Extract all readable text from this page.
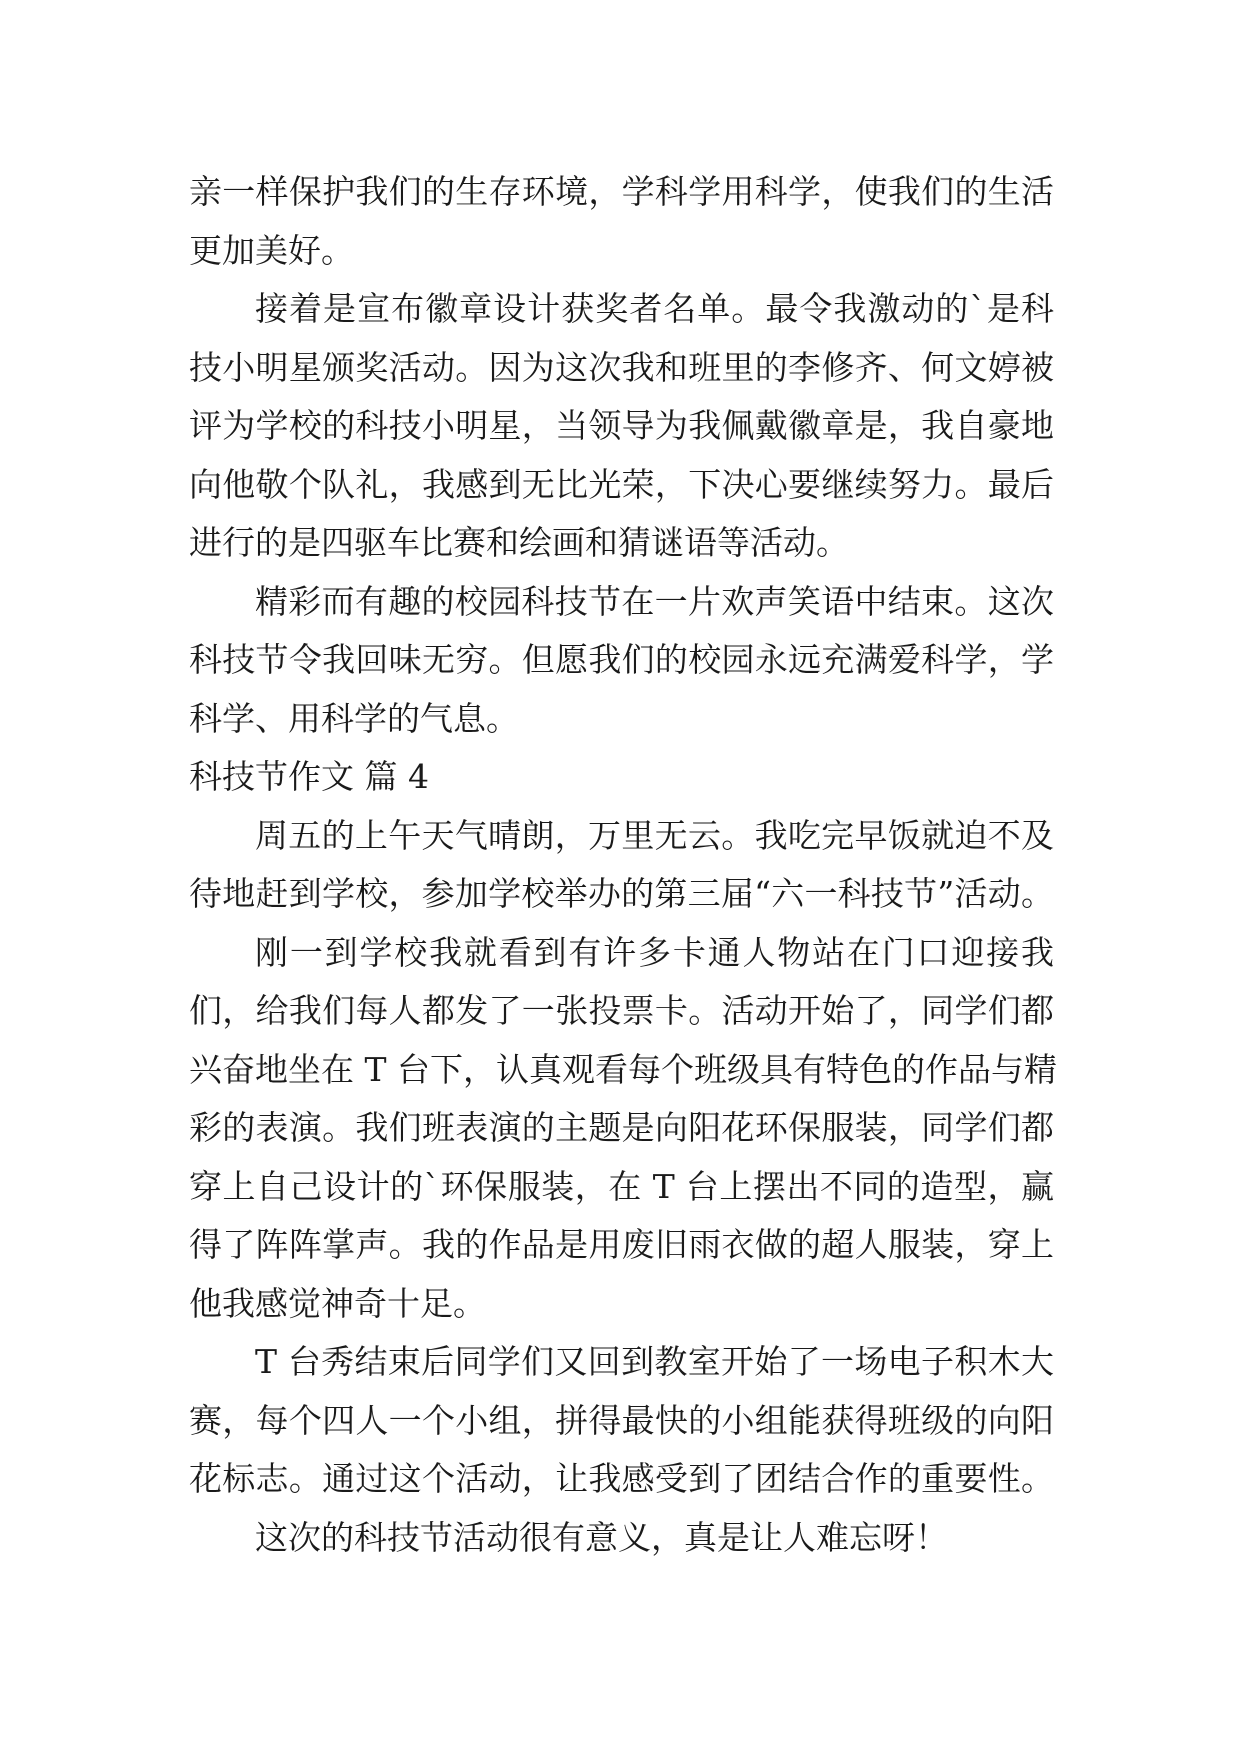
亲一样保护我们的生存环境，学科学用科学，使我们的生活
更加美好。
接着是宣布徽章设计获奖者名单。最令我激动的`是科
技小明星颁奖活动。因为这次我和班里的李修齐、何文婷被
评为学校的科技小明星，当领导为我佩戴徽章是，我自豪地
向他敬个队礼，我感到无比光荣，下决心要继续努力。最后
进行的是四驱车比赛和绘画和猜谜语等活动。
精彩而有趣的校园科技节在一片欢声笑语中结束。这次
科技节令我回味无穷。但愿我们的校园永远充满爱科学，学
科学、用科学的气息。
科技节作文 篇 4
周五的上午天气晴朗，万里无云。我吃完早饭就迫不及
待地赶到学校，参加学校举办的第三届“六一科技节”活动。
刚一到学校我就看到有许多卡通人物站在门口迎接我
们，给我们每人都发了一张投票卡。活动开始了，同学们都
兴奋地坐在 T 台下，认真观看每个班级具有特色的作品与精
彩的表演。我们班表演的主题是向阳花环保服装，同学们都
穿上自己设计的`环保服装，在 T 台上摆出不同的造型，赢
得了阵阵掌声。我的作品是用废旧雨衣做的超人服装，穿上
他我感觉神奇十足。
T 台秀结束后同学们又回到教室开始了一场电子积木大
赛，每个四人一个小组，拼得最快的小组能获得班级的向阳
花标志。通过这个活动，让我感受到了团结合作的重要性。
这次的科技节活动很有意义，真是让人难忘呀！
